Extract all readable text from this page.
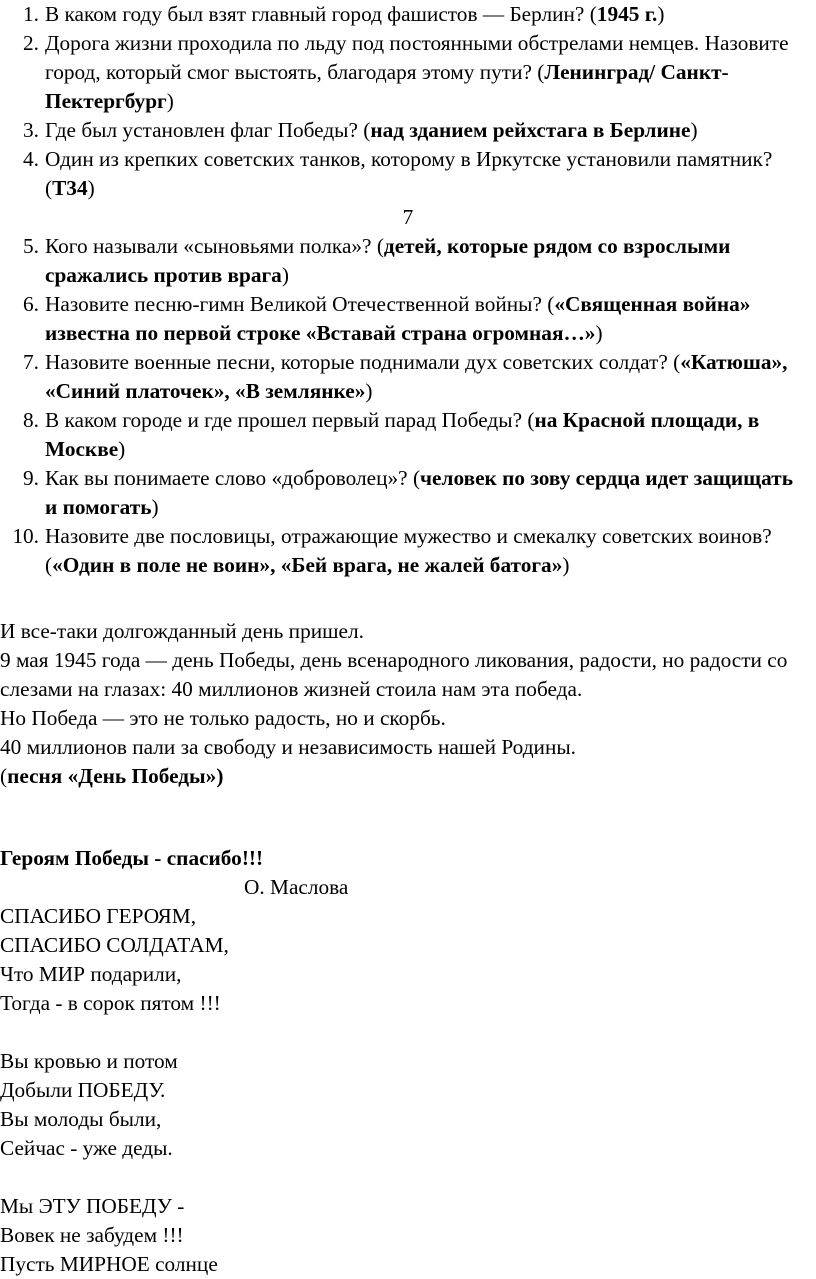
1. В каком году был взят главный город фашистов — Берлин? (1945 г.)
2. Дорога жизни проходила по льду под постоянными обстрелами немцев. Назовите город, который смог выстоять, благодаря этому пути? (Ленинград/ Санкт-Пектергбург)
3. Где был установлен флаг Победы? (над зданием рейхстага в Берлине)
4. Один из крепких советских танков, которому в Иркутске установили памятник? (Т34)
7
5. Кого называли «сыновьями полка»? (детей, которые рядом со взрослыми сражались против врага)
6. Назовите песню-гимн Великой Отечественной войны? («Священная война» известна по первой строке «Вставай страна огромная…»)
7. Назовите военные песни, которые поднимали дух советских солдат? («Катюша», «Синий платочек», «В землянке»)
8. В каком городе и где прошел первый парад Победы? (на Красной площади, в Москве)
9. Как вы понимаете слово «доброволец»? (человек по зову сердца идет защищать и помогать)
10. Назовите две пословицы, отражающие мужество и смекалку советских воинов? («Один в поле не воин», «Бей врага, не жалей батога»)

И все-таки долгожданный день пришел.

9 мая 1945 года — день Победы, день всенародного ликования, радости, но радости со слезами на глазах: 40 миллионов жизней стоила нам эта победа.

Но Победа — это не только радость, но и скорбь.

40 миллионов пали за свободу и независимость нашей Родины.

(песня «День Победы»)

Героям Победы - спасибо!!!
О. Маслова
СПАСИБО ГЕРОЯМ,
СПАСИБО СОЛДАТАМ,
Что МИР подарили,
Тогда - в сорок пятом !!!
Вы кровью и потом
Добыли ПОБЕДУ.
Вы молоды были,
Сейчас - уже деды.
Мы ЭТУ ПОБЕДУ -
Вовек не забудем !!!
Пусть МИРНОЕ солнце
